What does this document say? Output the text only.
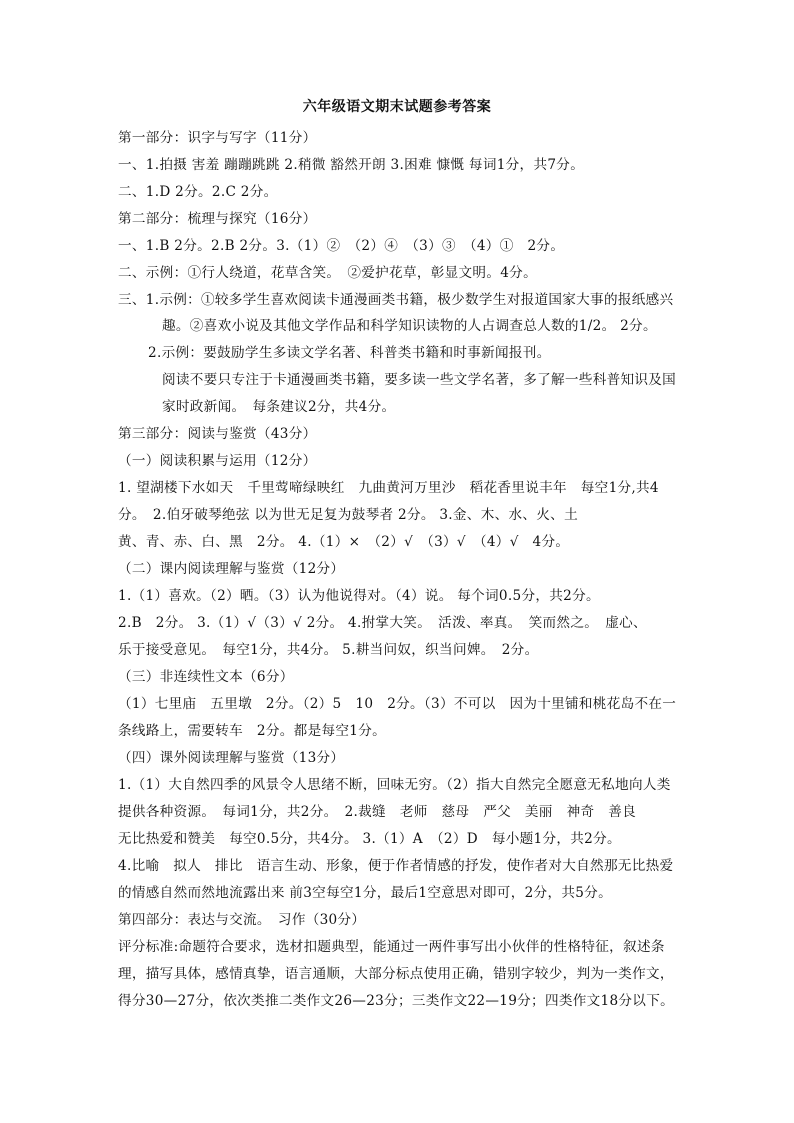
六年级语文期末试题参考答案
第一部分：识字与写字（11分）
一、1.拍摄 害羞 蹦蹦跳跳 2.稍微 豁然开朗 3.困难 慷慨 每词1分，共7分。
二、1.D 2分。2.C 2分。
第二部分：梳理与探究（16分）
一、1.B 2分。2.B 2分。3.（1）②　（2）④　（3）③　（4）①　2分。
二、示例：①行人绕道，花草含笑。　②爱护花草，彰显文明。4分。
三、1.示例：①较多学生喜欢阅读卡通漫画类书籍，极少数学生对报道国家大事的报纸感兴
趣。②喜欢小说及其他文学作品和科学知识读物的人占调查总人数的1/2。 2分。
2.示例：要鼓励学生多读文学名著、科普类书籍和时事新闻报刊。
阅读不要只专注于卡通漫画类书籍，要多读一些文学名著，多了解一些科普知识及国
家时政新闻。　每条建议2分，共4分。
第三部分：阅读与鉴赏（43分）
（一）阅读积累与运用（12分）
1. 望湖楼下水如天　千里莺啼绿映红　九曲黄河万里沙　稻花香里说丰年　每空1分,共4
分。　2.伯牙破琴绝弦 以为世无足复为鼓琴者 2分。 3.金、木、水、火、土
黄、青、赤、白、黑　2分。 4.（1）×　（2）√　（3）√　（4）√　4分。
（二）课内阅读理解与鉴赏（12分）
1.（1）喜欢。（2）晒。（3）认为他说得对。（4）说。 每个词0.5分，共2分。
2.B　2分。 3.（1）√（3）√ 2分。 4.拊掌大笑。　活泼、率真。　笑而然之。　虚心、
乐于接受意见。　每空1分，共4分。 5.耕当问奴，织当问婢。　2分。
（三）非连续性文本（6分）
（1）七里庙　五里墩　2分。（2）5　10　2分。（3）不可以　因为十里铺和桃花岛不在一
条线路上，需要转车　2分。都是每空1分。
（四）课外阅读理解与鉴赏（13分）
1.（1）大自然四季的风景令人思绪不断，回味无穷。（2）指大自然完全愿意无私地向人类
提供各种资源。　每词1分，共2分。　2.裁缝　老师　慈母　严父　美丽　神奇　善良
无比热爱和赞美　每空0.5分，共4分。 3.（1）A　（2）D　每小题1分，共2分。
4.比喻　拟人　排比　语言生动、形象，便于作者情感的抒发，使作者对大自然那无比热爱
的情感自然而然地流露出来 前3空每空1分，最后1空意思对即可，2分，共5分。
第四部分：表达与交流。　习作（30分）
评分标准:命题符合要求，选材扣题典型，能通过一两件事写出小伙伴的性格特征，叙述条
理，描写具体，感情真挚，语言通顺，大部分标点使用正确，错别字较少，判为一类作文，
得分30—27分，依次类推二类作文26—23分；三类作文22—19分；四类作文18分以下。
